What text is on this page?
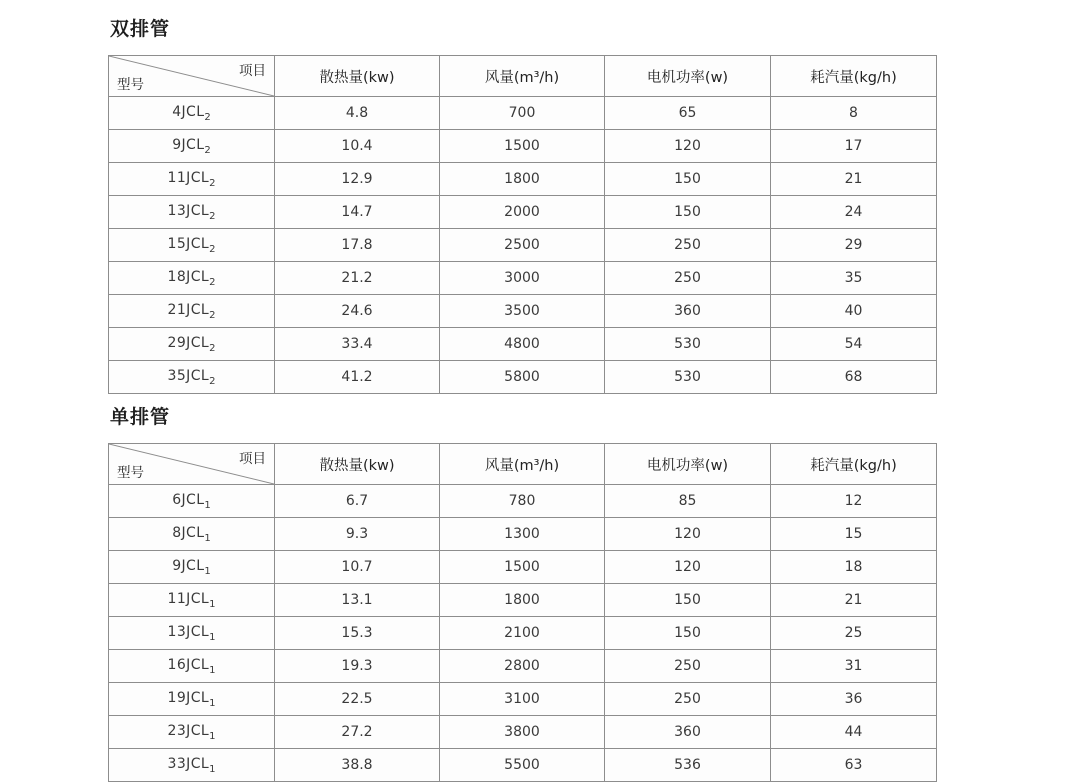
双排管
项目
型号	散热量(kw)	风量(m³/h)	电机功率(w)	耗汽量(kg/h)
$4JCL_2$	4.8	700	65	8
$9JCL_2$	10.4	1500	120	17
$11JCL_2$	12.9	1800	150	21
$13JCL_2$	14.7	2000	150	24
$15JCL_2$	17.8	2500	250	29
$18JCL_2$	21.2	3000	250	35
$21JCL_2$	24.6	3500	360	40
$29JCL_2$	33.4	4800	530	54
$35JCL_2$	41.2	5800	530	68
单排管
项目
型号	散热量(kw)	风量(m³/h)	电机功率(w)	耗汽量(kg/h)
$6JCL_1$	6.7	780	85	12
$8JCL_1$	9.3	1300	120	15
$9JCL_1$	10.7	1500	120	18
$11JCL_1$	13.1	1800	150	21
$13JCL_1$	15.3	2100	150	25
$16JCL_1$	19.3	2800	250	31
$19JCL_1$	22.5	3100	250	36
$23JCL_1$	27.2	3800	360	44
$33JCL_1$	38.8	5500	536	63
